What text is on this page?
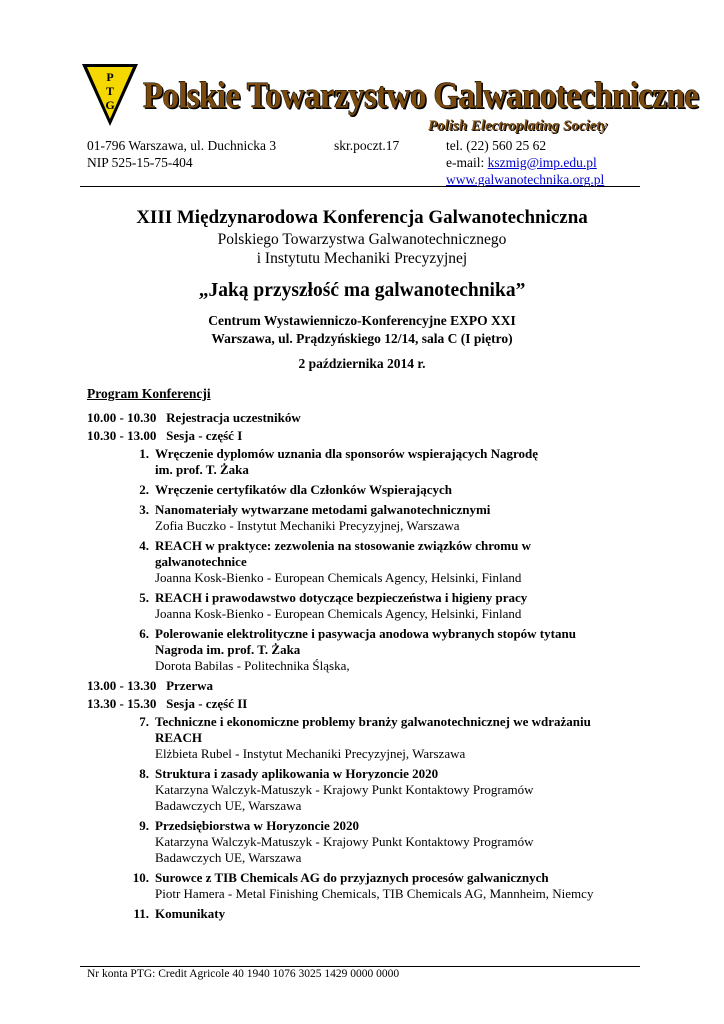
P
T
G Polskie Towarzystwo Galwanotechniczne
Polish Electroplating Society
01-796 Warszawa, ul. Duchnicka 3
NIP 525-15-75-404
skr.poczt.17	tel. (22) 560 25 62
e-mail: kszmig@imp.edu.pl
www.galwanotechnika.org.pl
XIII Międzynarodowa Konferencja Galwanotechniczna
Polskiego Towarzystwa Galwanotechnicznego
i Instytutu Mechaniki Precyzyjnej
„Jaką przyszłość ma galwanotechnika”
Centrum Wystawienniczo-Konferencyjne EXPO XXI
Warszawa, ul. Prądzyńskiego 12/14, sala C (I piętro)
2 października 2014 r.
Program Konferencji
10.00 - 10.30 Rejestracja uczestników
10.30 - 13.00 Sesja - część I
1. Wręczenie dyplomów uznania dla sponsorów wspierających Nagrodę
im. prof. T. Żaka
2. Wręczenie certyfikatów dla Członków Wspierających
3. Nanomateriały wytwarzane metodami galwanotechnicznymi
Zofia Buczko - Instytut Mechaniki Precyzyjnej, Warszawa
4. REACH w praktyce: zezwolenia na stosowanie związków chromu w
galwanotechnice
Joanna Kosk-Bienko - European Chemicals Agency, Helsinki, Finland
5. REACH i prawodawstwo dotyczące bezpieczeństwa i higieny pracy
Joanna Kosk-Bienko - European Chemicals Agency, Helsinki, Finland
6. Polerowanie elektrolityczne i pasywacja anodowa wybranych stopów tytanu
Nagroda im. prof. T. Żaka
Dorota Babilas - Politechnika Śląska,
13.00 - 13.30 Przerwa
13.30 - 15.30 Sesja - część II
7. Techniczne i ekonomiczne problemy branży galwanotechnicznej we wdrażaniu
REACH
Elżbieta Rubel - Instytut Mechaniki Precyzyjnej, Warszawa
8. Struktura i zasady aplikowania w Horyzoncie 2020
Katarzyna Walczyk-Matuszyk - Krajowy Punkt Kontaktowy Programów
Badawczych UE, Warszawa
9. Przedsiębiorstwa w Horyzoncie 2020
Katarzyna Walczyk-Matuszyk - Krajowy Punkt Kontaktowy Programów
Badawczych UE, Warszawa
10. Surowce z TIB Chemicals AG do przyjaznych procesów galwanicznych
Piotr Hamera - Metal Finishing Chemicals, TIB Chemicals AG, Mannheim, Niemcy
11. Komunikaty
Nr konta PTG: Credit Agricole 40 1940 1076 3025 1429 0000 0000
